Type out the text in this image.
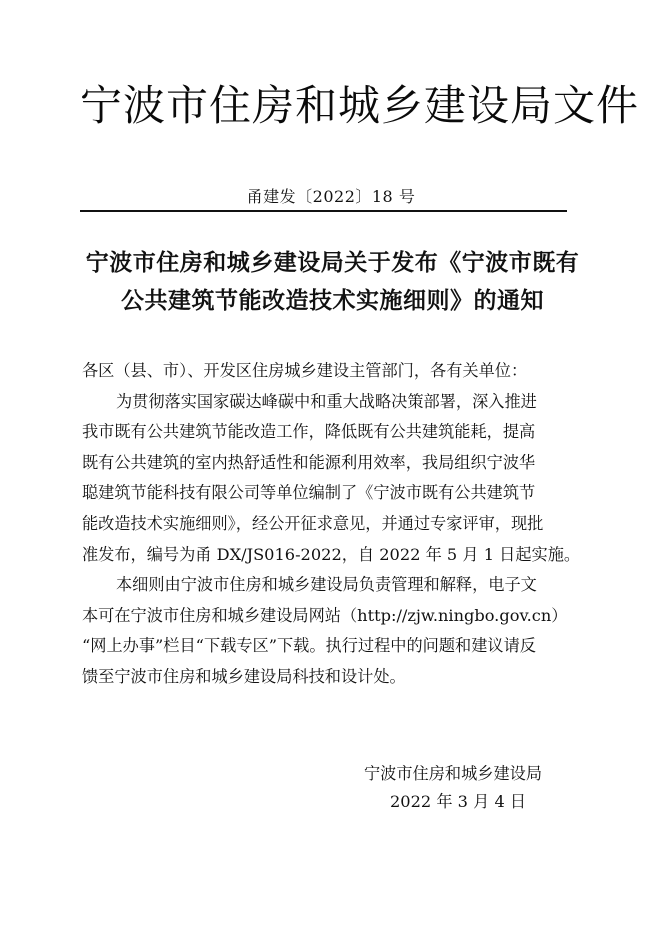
宁波市住房和城乡建设局文件
甬建发〔2022〕18 号
宁波市住房和城乡建设局关于发布《宁波市既有
公共建筑节能改造技术实施细则》的通知
各区（县、市）、开发区住房城乡建设主管部门，各有关单位：
为贯彻落实国家碳达峰碳中和重大战略决策部署，深入推进
我市既有公共建筑节能改造工作，降低既有公共建筑能耗，提高
既有公共建筑的室内热舒适性和能源利用效率，我局组织宁波华
聪建筑节能科技有限公司等单位编制了《宁波市既有公共建筑节
能改造技术实施细则》，经公开征求意见，并通过专家评审，现批
准发布，编号为甬 DX/JS016-2022，自 2022 年 5 月 1 日起实施。
本细则由宁波市住房和城乡建设局负责管理和解释，电子文
本可在宁波市住房和城乡建设局网站（http://zjw.ningbo.gov.cn）
“网上办事”栏目“下载专区”下载。执行过程中的问题和建议请反
馈至宁波市住房和城乡建设局科技和设计处。
宁波市住房和城乡建设局
2022 年 3 月 4 日
